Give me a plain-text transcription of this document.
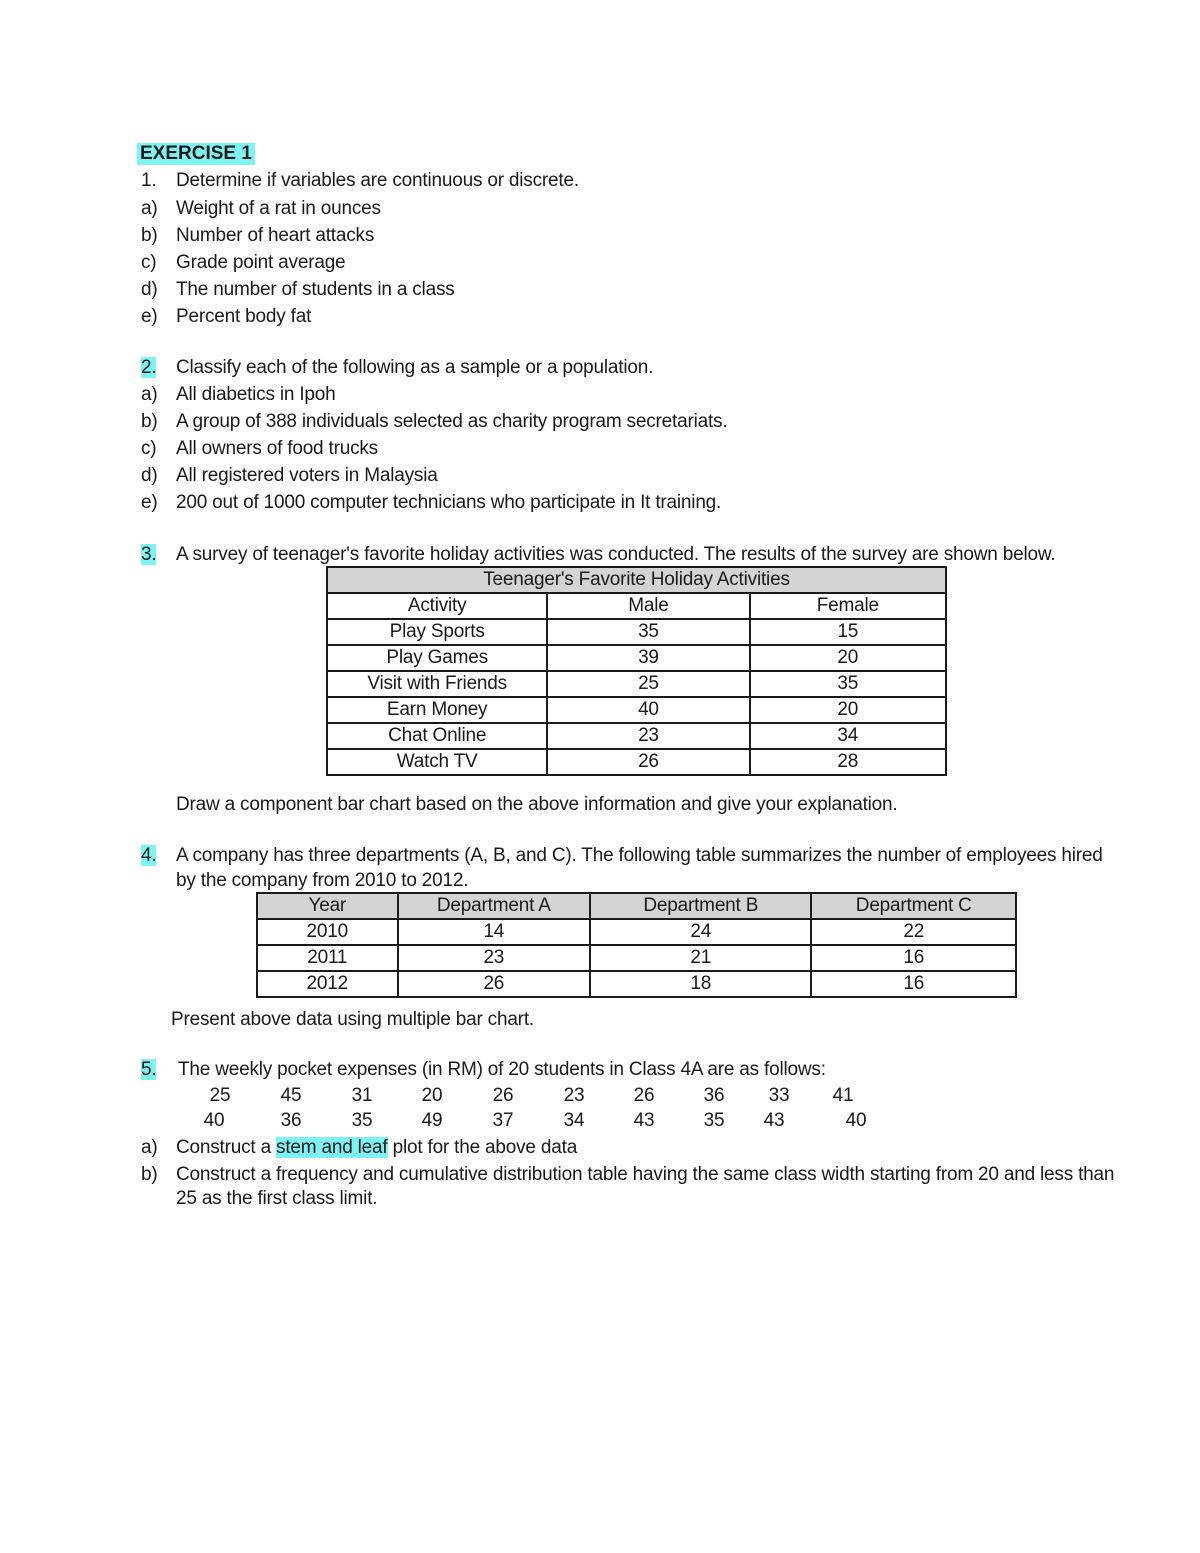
EXERCISE 1
1. Determine if variables are continuous or discrete.
a) Weight of a rat in ounces
b) Number of heart attacks
c) Grade point average
d) The number of students in a class
e) Percent body fat
2. Classify each of the following as a sample or a population.
a) All diabetics in Ipoh
b) A group of 388 individuals selected as charity program secretariats.
c) All owners of food trucks
d) All registered voters in Malaysia
e) 200 out of 1000 computer technicians who participate in It training.
3. A survey of teenager's favorite holiday activities was conducted. The results of the survey are shown below.
Teenager's Favorite Holiday Activities		
Activity	Male	Female
Play Sports	35	15
Play Games	39	20
Visit with Friends	25	35
Earn Money	40	20
Chat Online	23	34
Watch TV	26	28
Draw a component bar chart based on the above information and give your explanation.
4. A company has three departments (A, B, and C). The following table summarizes the number of employees hired
by the company from 2010 to 2012.
Year	Department A	Department B	Department C
2010	14	24	22
2011	23	21	16
2012	26	18	16
Present above data using multiple bar chart.
5. The weekly pocket expenses (in RM) of 20 students in Class 4A are as follows:
25	45	31	20	26	23	26	36 33 41
40	36	35	49	37	34	43	35 43	40
a) Construct a stem and leaf plot for the above data
b) Construct a frequency and cumulative distribution table having the same class width starting from 20 and less than
25 as the first class limit.
